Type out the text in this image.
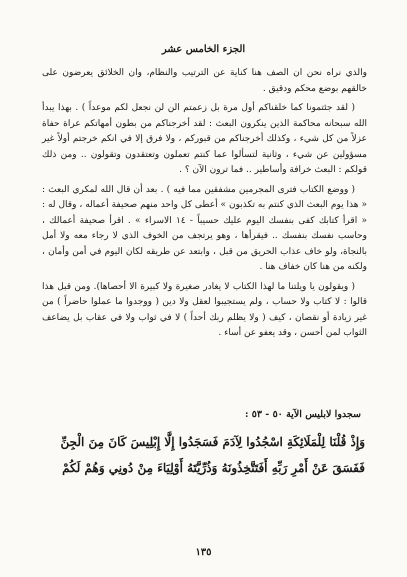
الجزء الخامس عشر

والذي نراه نحن ان الصف هنا كناية عن الترتيب والنظام، وان الخلائق يعرضون على خالقهم بوضع محكم ودقيق .

( لقد جئتمونا كما خلقناكم أول مرة بل زعمتم الن لن نجعل لكم موعداً ) . بهذا يبدأ الله سبحانه محاكمة الذين ينكرون البعث : لقد أخرجناكم من بطون أمهاتكم عراة حفاة عزلاً من كل شيء ، وكذلك أخرجناكم من قبوركم ، ولا فرق إلا في انكم خرجتم أولاً غير مسؤولين عن شيء ، وثانية لتسألوا عما كنتم تعملون وتعتقدون وتقولون .. ومن ذلك قولكم : البعث خرافة وأساطير .. فما ترون الآن ؟ .

( ووضع الكتاب فترى المجرمين مشفقين مما فيه ) . بعد أن قال الله لمكري البعث : « هذا يوم البعث الذي كنتم به تكذبون » أعطى كل واحد منهم صحيفة أعماله ، وقال له : « اقرأ كتابك كفى بنفسك اليوم عليك حسيباً - ١٤ الاسراء » . اقرأ صحيفة أعمالك ، وحاسب نفسك بنفسك .. فيقرأها ، وهو يرتجف من الخوف الذي لا رجاء معه ولا أمل بالنجاة، ولو خاف عذاب الحريق من قبل ، وابتعد عن طريقه لكان اليوم في أمن وأمان ، ولكنه من هنا كان خفاف هنا .

( ويقولون يا ويلتنا ما لهذا الكتاب لا يغادر صغيرة ولا كبيرة الا أحصاها). ومن قبل هذا قالوا : لا كتاب ولا حساب ، ولم يستجيبوا لعقل ولا دين ( ووجدوا ما عملوا حاضراً ) من غير زيادة أو نقصان ، كيف ( ولا يظلم ربك أحداً ) لا في ثواب ولا في عقاب بل يضاعف الثواب لمن أحسن ، وقد يعفو عن أساء .

سجدوا لابليس الآية ٥٠ - ٥٣ :
وَإِذْ قُلْنَا لِلْمَلَائِكَةِ اسْجُدُوا لِآدَمَ فَسَجَدُوا إِلَّا إِبْلِيسَ كَانَ مِنَ الْجِنِّ
فَفَسَقَ عَنْ أَمْرِ رَبِّهِ أَفَتَتَّخِذُونَهُ وَذُرِّيَّتَهُ أَوْلِيَاءَ مِنْ دُونِي وَهُمْ لَكُمْ
١٣٥
